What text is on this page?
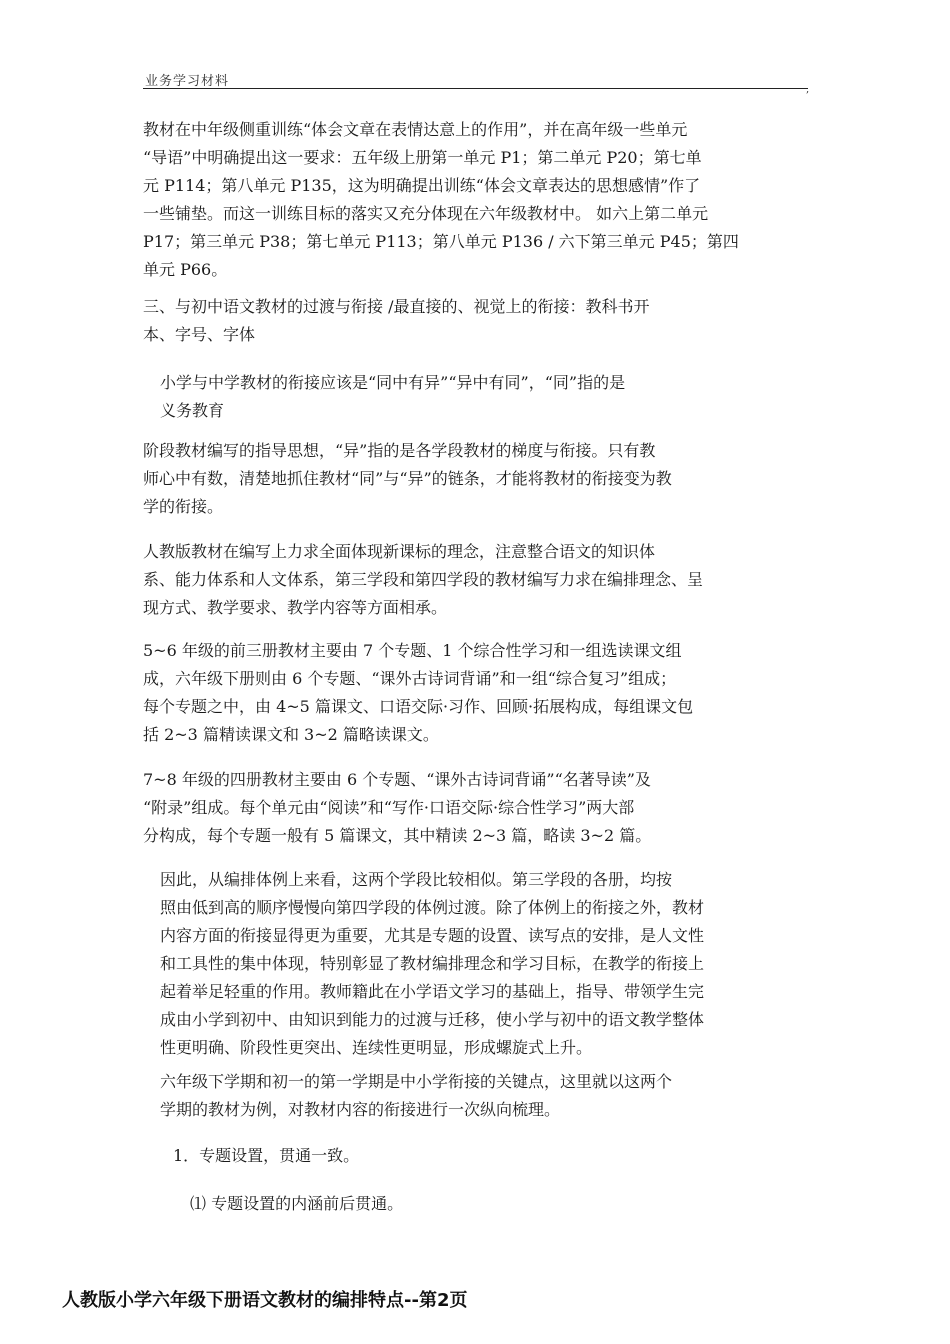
业务学习材料
,
教材在中年级侧重训练“体会文章在表情达意上的作用”，并在高年级一些单元
“导语”中明确提出这一要求：五年级上册第一单元 P1；第二单元 P20；第七单
元 P114；第八单元 P135，这为明确提出训练“体会文章表达的思想感情”作了
一些铺垫。而这一训练目标的落实又充分体现在六年级教材中。 如六上第二单元
P17；第三单元 P38；第七单元 P113；第八单元 P136 / 六下第三单元 P45；第四
单元 P66。
三、与初中语文教材的过渡与衔接 /最直接的、视觉上的衔接：教科书开
本、字号、字体
小学与中学教材的衔接应该是“同中有异”“异中有同”，“同”指的是
义务教育
阶段教材编写的指导思想，“异”指的是各学段教材的梯度与衔接。只有教
师心中有数，清楚地抓住教材“同”与“异”的链条，才能将教材的衔接变为教
学的衔接。
人教版教材在编写上力求全面体现新课标的理念，注意整合语文的知识体
系、能力体系和人文体系，第三学段和第四学段的教材编写力求在编排理念、呈
现方式、教学要求、教学内容等方面相承。
5~6 年级的前三册教材主要由 7 个专题、1 个综合性学习和一组选读课文组
成，六年级下册则由 6 个专题、“课外古诗词背诵”和一组“综合复习”组成；
每个专题之中，由 4~5 篇课文、口语交际·习作、回顾·拓展构成，每组课文包
括 2~3 篇精读课文和 3~2 篇略读课文。
7~8 年级的四册教材主要由 6 个专题、“课外古诗词背诵”“名著导读”及
“附录”组成。每个单元由“阅读”和“写作·口语交际·综合性学习”两大部
分构成，每个专题一般有 5 篇课文，其中精读 2~3 篇，略读 3~2 篇。
因此，从编排体例上来看，这两个学段比较相似。第三学段的各册，均按
照由低到高的顺序慢慢向第四学段的体例过渡。除了体例上的衔接之外，教材
内容方面的衔接显得更为重要，尤其是专题的设置、读写点的安排，是人文性
和工具性的集中体现，特别彰显了教材编排理念和学习目标，在教学的衔接上
起着举足轻重的作用。教师籍此在小学语文学习的基础上，指导、带领学生完
成由小学到初中、由知识到能力的过渡与迁移，使小学与初中的语文教学整体
性更明确、阶段性更突出、连续性更明显，形成螺旋式上升。
六年级下学期和初一的第一学期是中小学衔接的关键点，这里就以这两个
学期的教材为例，对教材内容的衔接进行一次纵向梳理。
1．专题设置，贯通一致。
⑴ 专题设置的内涵前后贯通。
人教版小学六年级下册语文教材的编排特点--第2页
